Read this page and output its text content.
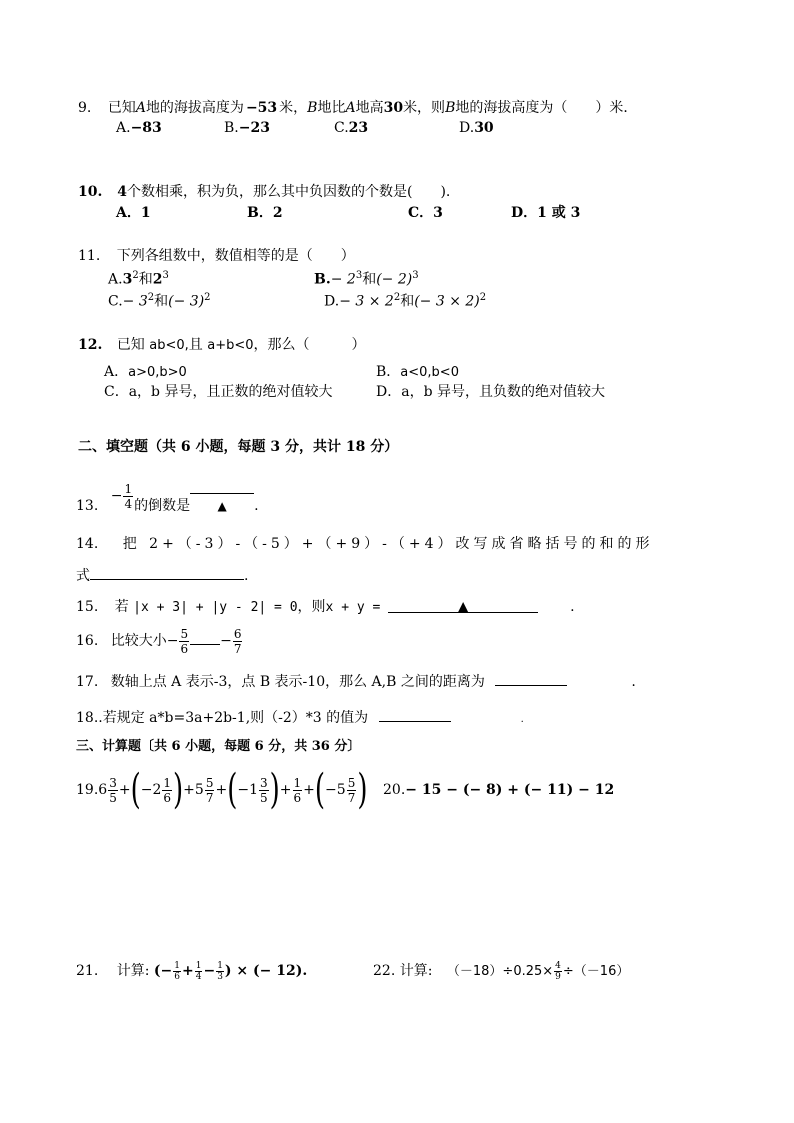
9. 已知A地的海拔高度为 −53 米，B地比A地高30米，则B地的海拔高度为（　　）米．
A.−83	B.−23	C.23	D.30
10. 4个数相乘，积为负，那么其中负因数的个数是(　　).
A．1	B．2	C．3	D．1 或 3
11. 下列各组数中，数值相等的是（　　）
$A.3^2$和$2^3$	$B.- 2^3$和(− 2)$^3$
$C.- 3^2$和(− 3)$^2$	$D.- 3 \times 2^2$和(− 3 × 2)$^2$
12. 已知 ab<0,且 a+b<0，那么（　　　）
A．a>0,b>0	B．a<0,b<0
C．a，b 异号，且正数的绝对值较大	D．a，b 异号，且负数的绝对值较大
二、填空题（共 6 小题，每题 3 分，共计 18 分）
13. − $\frac{1}{4}$ 的倒数是 ▲ .
14. 把 2+（-3）-（-5）+（+9）-（+4）改写成省略括号的和的形
式	.
15. 若 |x + 3| + |y - 2| = 0，则x + y =	▲	.
16. 比较大小− $\frac{5}{6} - \frac{6}{7}$
17. 数轴上点 A 表示-3，点 B 表示-10，那么 A,B 之间的距离为	.
18..若规定 a*b=3a+2b-1,则（-2）*3 的值为	.
三、计算题〔共 6 小题，每题 6 分，共 36 分〕
19. $6 \frac{3}{5}$ +( $-2 \frac{1}{6}$ )+ $5 \frac{5}{7}$ +( $-1 \frac{3}{5}$ )+ $\frac{1}{6}$ +( $-5 \frac{5}{7}$ ) 20.− 15 − (− 8) + (− 11) − 12
21. 计算: (− $\frac{1}{6} + \frac{1}{4} - \frac{1}{3}$ ) × (− 12).	22. 计算: $(-18)\div 0.25\times \frac{4}{9} \div(-16)$
